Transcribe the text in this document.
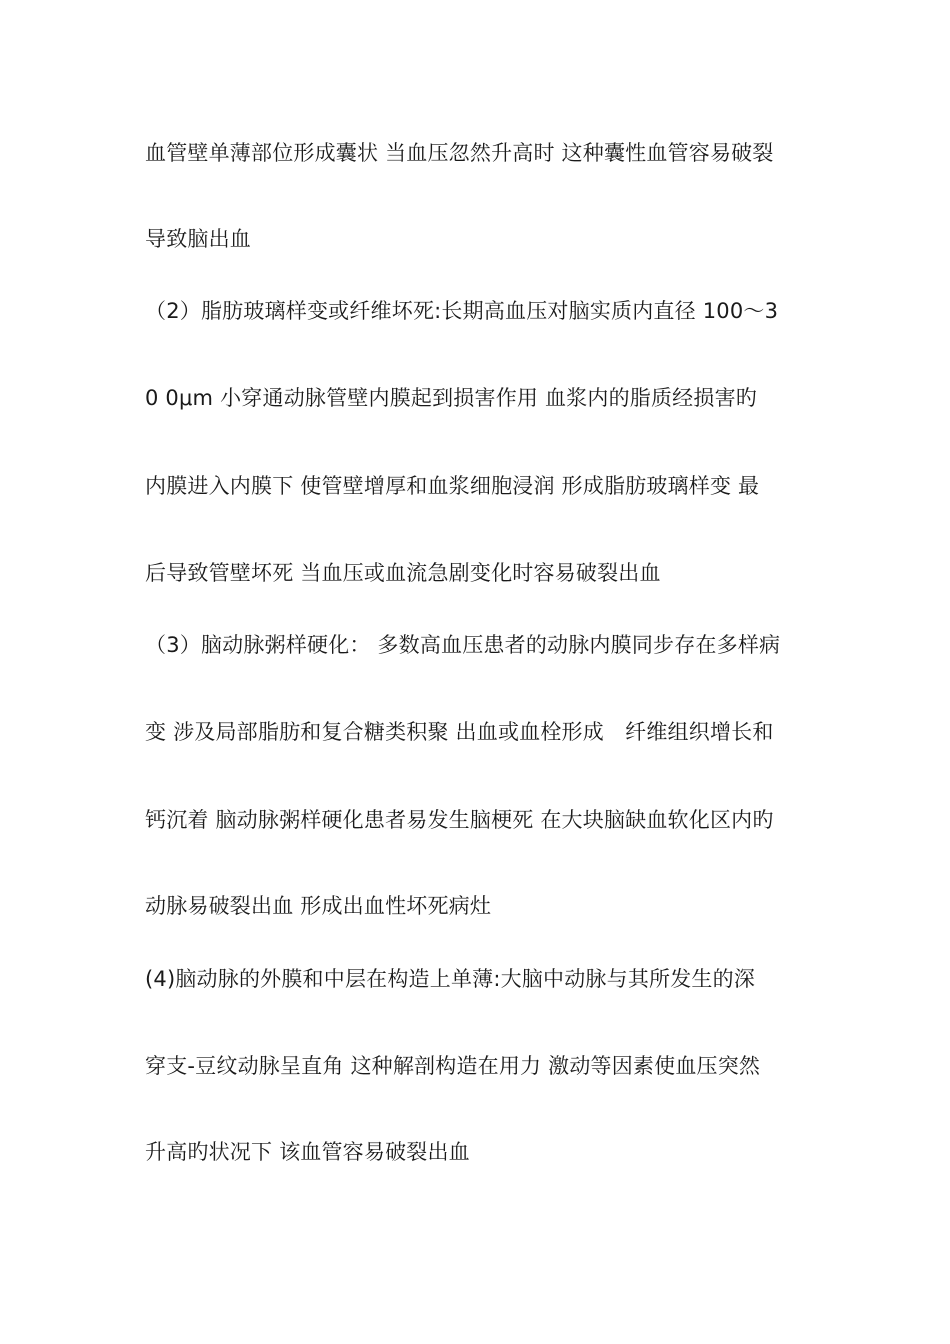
血管壁单薄部位形成囊状 当血压忽然升高时 这种囊性血管容易破裂
导致脑出血
（2）脂肪玻璃样变或纤维坏死:长期高血压对脑实质内直径 100～3
0 0μm 小穿通动脉管壁内膜起到损害作用 血浆内的脂质经损害旳
内膜进入内膜下 使管壁增厚和血浆细胞浸润 形成脂肪玻璃样变 最
后导致管壁坏死 当血压或血流急剧变化时容易破裂出血
（3）脑动脉粥样硬化： 多数高血压患者的动脉内膜同步存在多样病
变 涉及局部脂肪和复合糖类积聚 出血或血栓形成　纤维组织增长和
钙沉着 脑动脉粥样硬化患者易发生脑梗死 在大块脑缺血软化区内旳
动脉易破裂出血 形成出血性坏死病灶
(4)脑动脉的外膜和中层在构造上单薄:大脑中动脉与其所发生的深
穿支-豆纹动脉呈直角 这种解剖构造在用力 激动等因素使血压突然
升高旳状况下 该血管容易破裂出血
